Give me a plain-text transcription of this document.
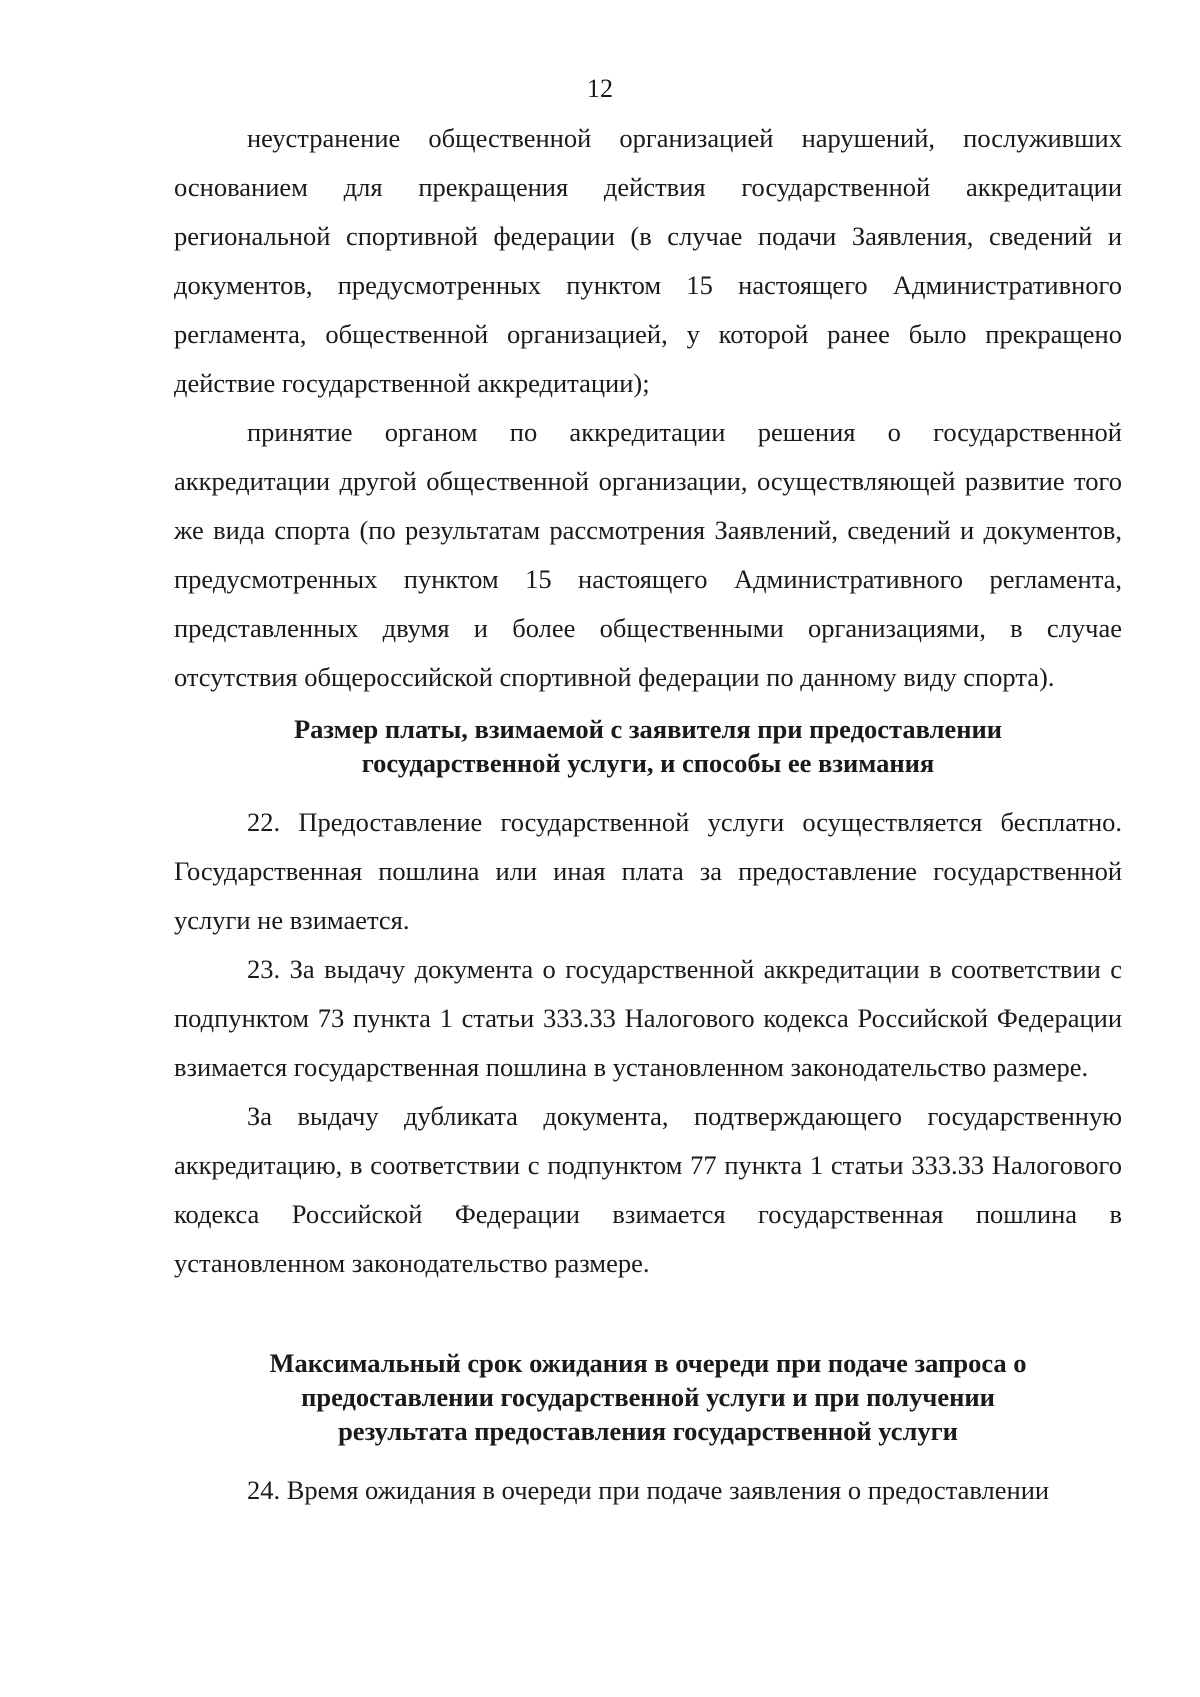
12

неустранение общественной организацией нарушений, послуживших основанием для прекращения действия государственной аккредитации региональной спортивной федерации (в случае подачи Заявления, сведений и документов, предусмотренных пунктом 15 настоящего Административного регламента, общественной организацией, у которой ранее было прекращено действие государственной аккредитации);

принятие органом по аккредитации решения о государственной аккредитации другой общественной организации, осуществляющей развитие того же вида спорта (по результатам рассмотрения Заявлений, сведений и документов, предусмотренных пунктом 15 настоящего Административного регламента, представленных двумя и более общественными организациями, в случае отсутствия общероссийской спортивной федерации по данному виду спорта).

Размер платы, взимаемой с заявителя при предоставлении государственной услуги, и способы ее взимания

22. Предоставление государственной услуги осуществляется бесплатно. Государственная пошлина или иная плата за предоставление государственной услуги не взимается.

23. За выдачу документа о государственной аккредитации в соответствии с подпунктом 73 пункта 1 статьи 333.33 Налогового кодекса Российской Федерации взимается государственная пошлина в установленном законодательство размере.

За выдачу дубликата документа, подтверждающего государственную аккредитацию, в соответствии с подпунктом 77 пункта 1 статьи 333.33 Налогового кодекса Российской Федерации взимается государственная пошлина в установленном законодательство размере.

Максимальный срок ожидания в очереди при подаче запроса о предоставлении государственной услуги и при получении результата предоставления государственной услуги

24. Время ожидания в очереди при подаче заявления о предоставлении
